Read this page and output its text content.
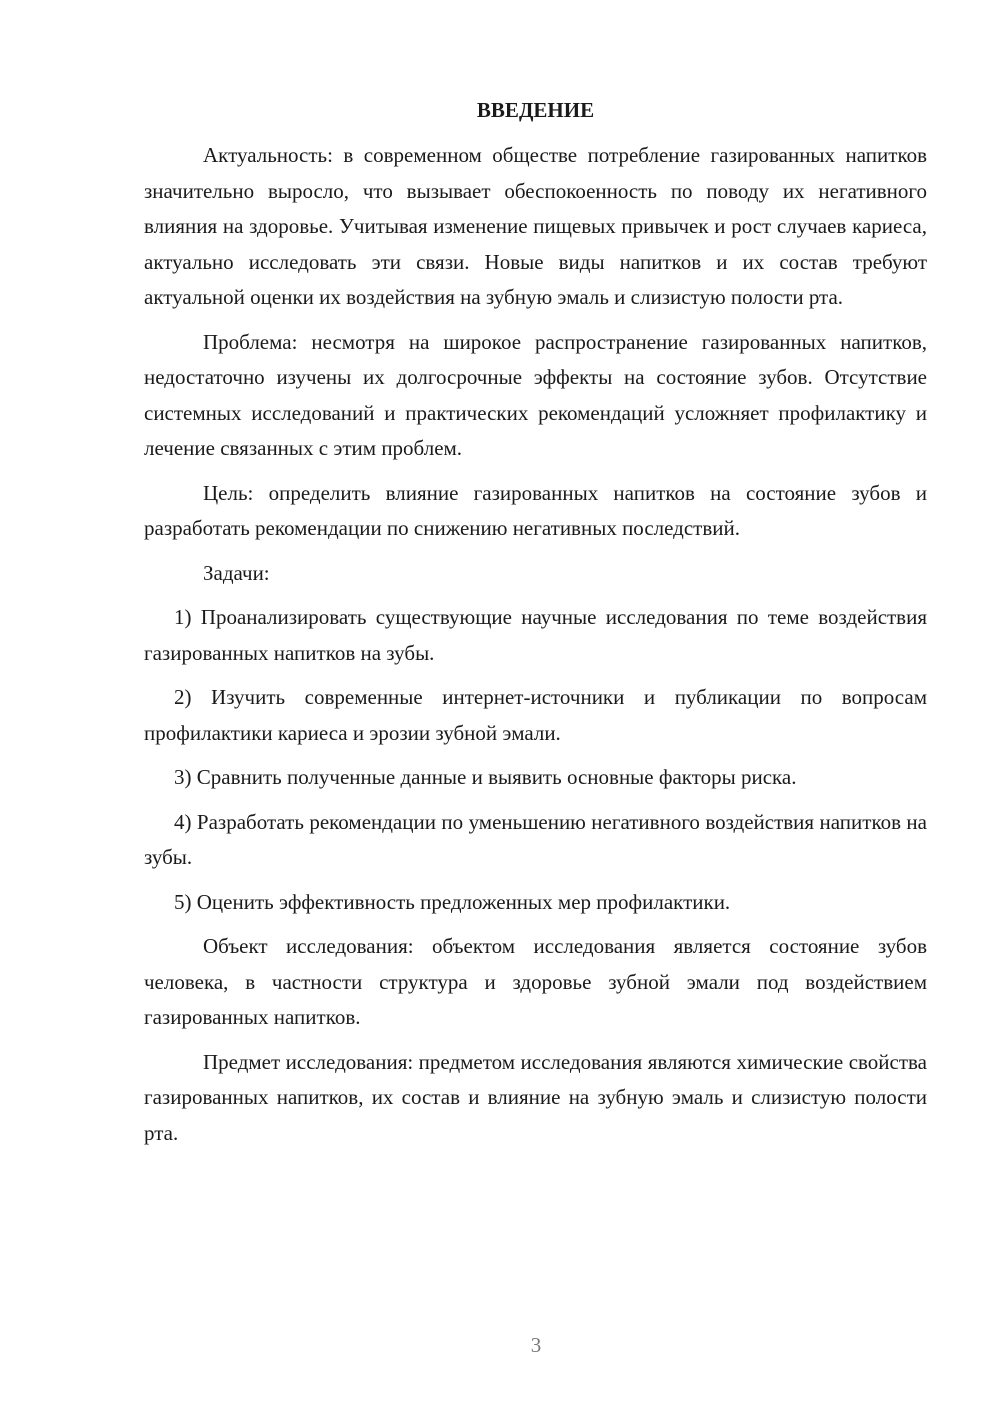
ВВЕДЕНИЕ

Актуальность: в современном обществе потребление газированных напитков значительно выросло, что вызывает обеспокоенность по поводу их негативного влияния на здоровье. Учитывая изменение пищевых привычек и рост случаев кариеса, актуально исследовать эти связи. Новые виды напитков и их состав требуют актуальной оценки их воздействия на зубную эмаль и слизистую полости рта.

Проблема: несмотря на широкое распространение газированных напитков, недостаточно изучены их долгосрочные эффекты на состояние зубов. Отсутствие системных исследований и практических рекомендаций усложняет профилактику и лечение связанных с этим проблем.

Цель: определить влияние газированных напитков на состояние зубов и разработать рекомендации по снижению негативных последствий.

Задачи:

1) Проанализировать существующие научные исследования по теме воздействия газированных напитков на зубы.

2) Изучить современные интернет-источники и публикации по вопросам профилактики кариеса и эрозии зубной эмали.

3) Сравнить полученные данные и выявить основные факторы риска.

4) Разработать рекомендации по уменьшению негативного воздействия напитков на зубы.

5) Оценить эффективность предложенных мер профилактики.

Объект исследования: объектом исследования является состояние зубов человека, в частности структура и здоровье зубной эмали под воздействием газированных напитков.

Предмет исследования: предметом исследования являются химические свойства газированных напитков, их состав и влияние на зубную эмаль и слизистую полости рта.

3
